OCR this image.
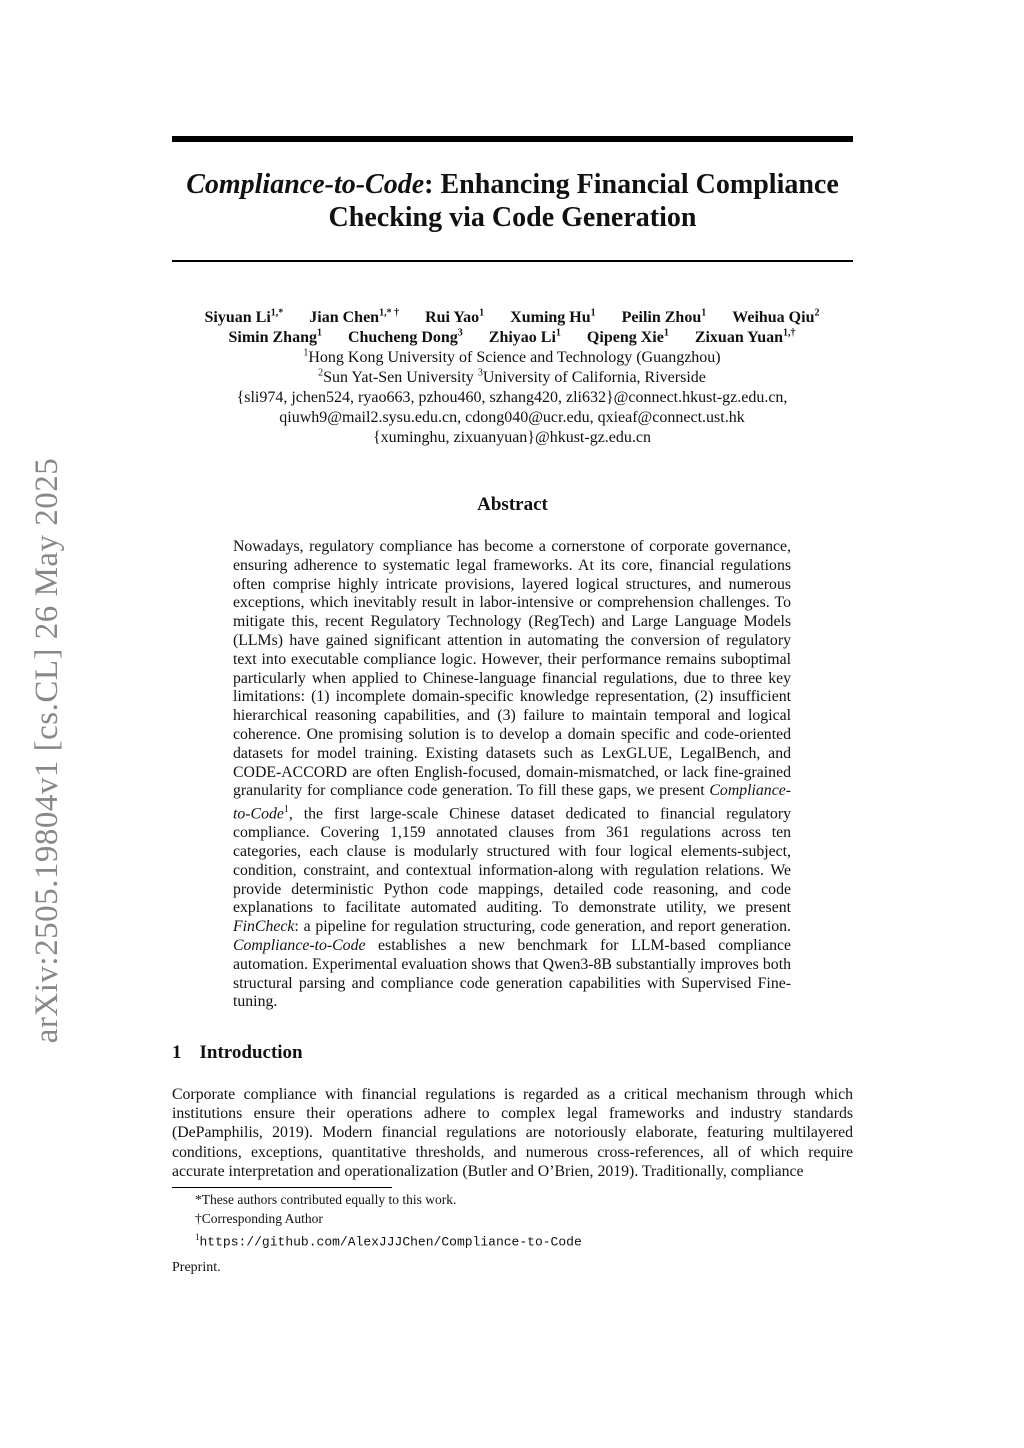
arXiv:2505.19804v1 [cs.CL] 26 May 2025
Compliance-to-Code: Enhancing Financial Compliance
Checking via Code Generation
Siyuan $Li^{1,*}$ Jian Chen$^{1,* \dagger}$ Rui Yao$^1$ Xuming Hu$^1$ Peilin Zhou$^1$ Weihua Qiu$^2$
Simin Zhang$^1$ Chucheng Dong$^3$ Zhiyao Li$^1$ Qipeng Xie$^1$ Zixuan Yuan$^{1,\dagger}$
$^1$Hong Kong University of Science and Technology (Guangzhou)
$^2$Sun Yat-Sen University $^3$University of California, Riverside
{sli974, jchen524, ryao663, pzhou460, szhang420, zli632}@connect.hkust-gz.edu.cn,
qiuwh9@mail2.sysu.edu.cn, cdong040@ucr.edu, qxieaf@connect.ust.hk
{xuminghu, zixuanyuan}@hkust-gz.edu.cn
Abstract
Nowadays, regulatory compliance has become a cornerstone of corporate governance, ensuring adherence to systematic legal frameworks. At its core, financial regulations often comprise highly intricate provisions, layered logical structures, and numerous exceptions, which inevitably result in labor-intensive or comprehension challenges. To mitigate this, recent Regulatory Technology (RegTech) and Large Language Models (LLMs) have gained significant attention in automating the conversion of regulatory text into executable compliance logic. However, their performance remains suboptimal particularly when applied to Chinese-language financial regulations, due to three key limitations: (1) incomplete domain-specific knowledge representation, (2) insufficient hierarchical reasoning capabilities, and (3) failure to maintain temporal and logical coherence. One promising solution is to develop a domain specific and code-oriented datasets for model training. Existing datasets such as LexGLUE, LegalBench, and CODE-ACCORD are often English-focused, domain-mismatched, or lack fine-grained granularity for compliance code generation. To fill these gaps, we present Compliance-to-Code$^1$, the first large-scale Chinese dataset dedicated to financial regulatory compliance. Covering 1,159 annotated clauses from 361 regulations across ten categories, each clause is modularly structured with four logical elements-subject, condition, constraint, and contextual information-along with regulation relations. We provide deterministic Python code mappings, detailed code reasoning, and code explanations to facilitate automated auditing. To demonstrate utility, we present FinCheck: a pipeline for regulation structuring, code generation, and report generation. Compliance-to-Code establishes a new benchmark for LLM-based compliance automation. Experimental evaluation shows that Qwen3-8B substantially improves both structural parsing and compliance code generation capabilities with Supervised Fine-tuning.
1 Introduction
Corporate compliance with financial regulations is regarded as a critical mechanism through which institutions ensure their operations adhere to complex legal frameworks and industry standards (DePamphilis, 2019). Modern financial regulations are notoriously elaborate, featuring multilayered conditions, exceptions, quantitative thresholds, and numerous cross-references, all of which require accurate interpretation and operationalization (Butler and O’Brien, 2019). Traditionally, compliance
*These authors contributed equally to this work.
†Corresponding Author
$^1$https://github.com/AlexJJJChen/Compliance-to-Code
Preprint.
